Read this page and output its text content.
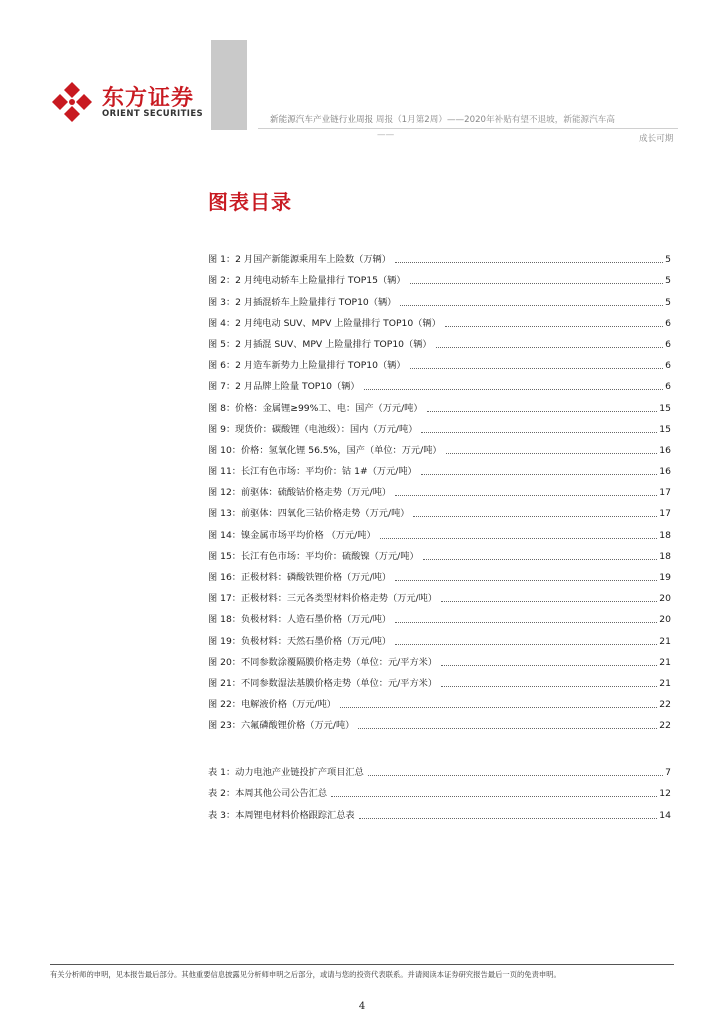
东方证券
ORIENT SECURITIES
新能源汽车产业链行业周报 周报（1月第2周）——2020年补贴有望不退坡，新能源汽车高
——	成长可期
图表目录
图 1：2 月国产新能源乘用车上险数（万辆）	5
图 2：2 月纯电动轿车上险量排行 TOP15（辆）	5
图 3：2 月插混轿车上险量排行 TOP10（辆）	5
图 4：2 月纯电动 SUV、MPV 上险量排行 TOP10（辆）	6
图 5：2 月插混 SUV、MPV 上险量排行 TOP10（辆）	6
图 6：2 月造车新势力上险量排行 TOP10（辆）	6
图 7：2 月品牌上险量 TOP10（辆）	6
图 8：价格：金属锂≥99%工、电：国产（万元/吨）	15
图 9：现货价：碳酸锂（电池级）：国内（万元/吨）	15
图 10：价格：氢氧化锂 56.5%，国产（单位：万元/吨）	16
图 11：长江有色市场：平均价：钴 1#（万元/吨）	16
图 12：前驱体：硫酸钴价格走势（万元/吨）	17
图 13：前驱体：四氧化三钴价格走势（万元/吨）	17
图 14：镍金属市场平均价格 （万元/吨）	18
图 15：长江有色市场：平均价：硫酸镍（万元/吨）	18
图 16：正极材料：磷酸铁锂价格（万元/吨）	19
图 17：正极材料：三元各类型材料价格走势（万元/吨）	20
图 18：负极材料：人造石墨价格（万元/吨）	20
图 19：负极材料：天然石墨价格（万元/吨）	21
图 20：不同参数涂覆隔膜价格走势（单位：元/平方米）	21
图 21：不同参数湿法基膜价格走势（单位：元/平方米）	21
图 22：电解液价格（万元/吨）	22
图 23：六氟磷酸锂价格（万元/吨）	22
表 1：动力电池产业链投扩产项目汇总	7
表 2：本周其他公司公告汇总	12
表 3：本周锂电材料价格跟踪汇总表	14
有关分析师的申明，见本报告最后部分。其他重要信息披露见分析师申明之后部分，或请与您的投资代表联系。并请阅读本证券研究报告最后一页的免责申明。
4
